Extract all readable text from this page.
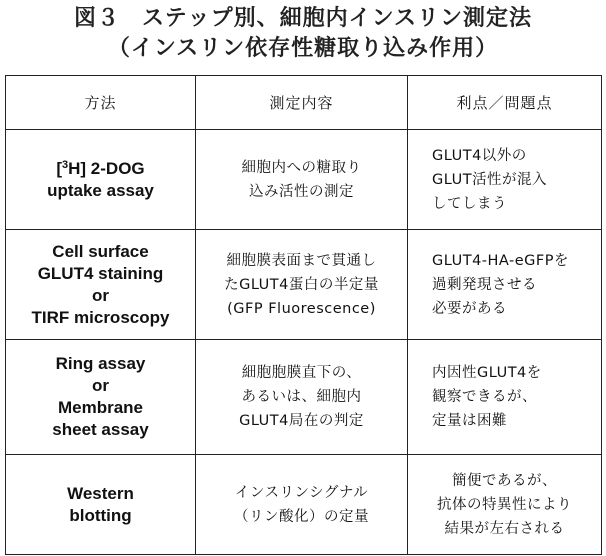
図３ ステップ別、細胞内インスリン測定法
（インスリン依存性糖取り込み作用）
方法	測定内容	利点／問題点

[$^3$H] 2-DOG
uptake assay	細胞内への糖取り
込み活性の測定	GLUT4以外の
GLUT活性が混入
してしまう

Cell surface
GLUT4 staining
or
TIRF microscopy	細胞膜表面まで貫通し
たGLUT4蛋白の半定量
(GFP Fluorescence)	GLUT4-HA-eGFPを
過剰発現させる
必要がある

Ring assay
or
Membrane
sheet assay	細胞胞膜直下の、
あるいは、細胞内
GLUT4局在の判定	内因性GLUT4を
観察できるが、
定量は困難

Western
blotting	インスリンシグナル
（リン酸化）の定量	簡便であるが、
抗体の特異性により
結果が左右される
